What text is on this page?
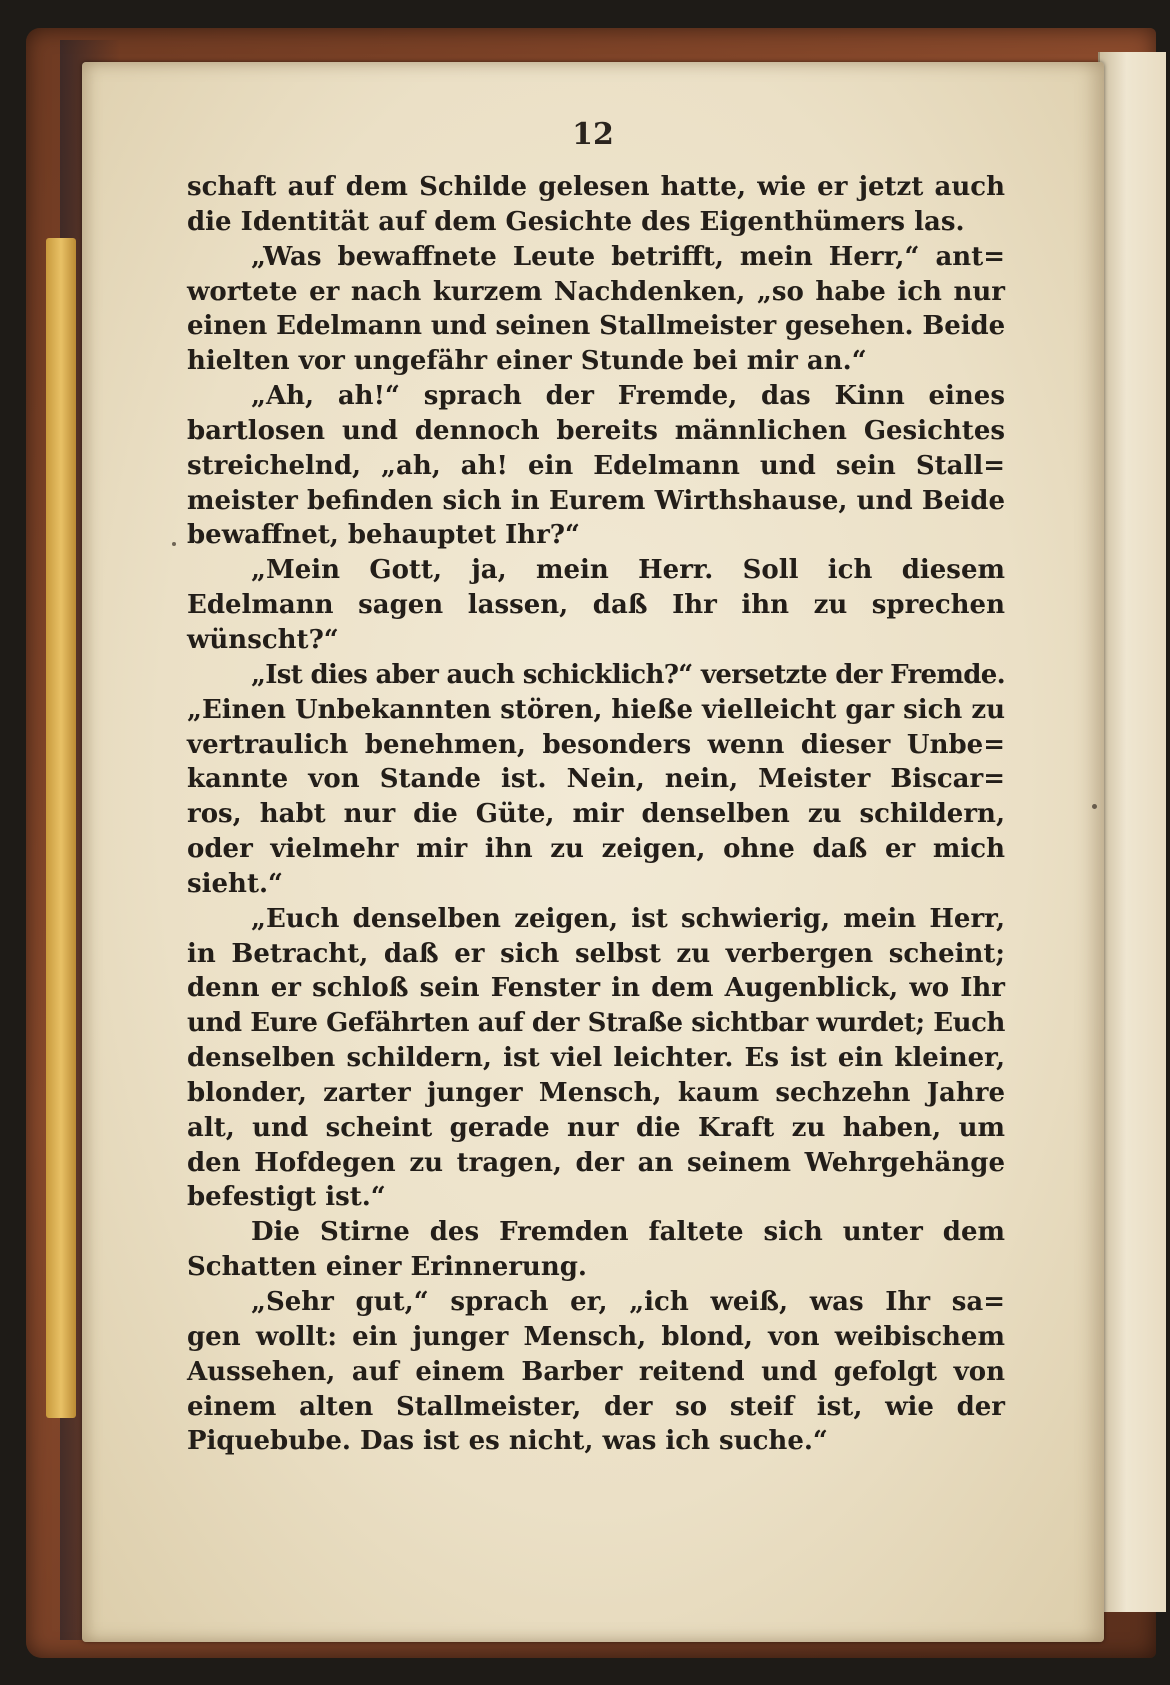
12
schaft auf dem Schilde gelesen hatte, wie er jetzt auch
die Identität auf dem Gesichte des Eigenthümers las.
„Was bewaffnete Leute betrifft, mein Herr,“ ant=
wortete er nach kurzem Nachdenken, „so habe ich nur
einen Edelmann und seinen Stallmeister gesehen. Beide
hielten vor ungefähr einer Stunde bei mir an.“
„Ah, ah!“ sprach der Fremde, das Kinn eines
bartlosen und dennoch bereits männlichen Gesichtes
streichelnd, „ah, ah! ein Edelmann und sein Stall=
meister befinden sich in Eurem Wirthshause, und Beide
bewaffnet, behauptet Ihr?“
„Mein Gott, ja, mein Herr. Soll ich diesem
Edelmann sagen lassen, daß Ihr ihn zu sprechen
wünscht?“
„Ist dies aber auch schicklich?“ versetzte der Fremde.
„Einen Unbekannten stören, hieße vielleicht gar sich zu
vertraulich benehmen, besonders wenn dieser Unbe=
kannte von Stande ist. Nein, nein, Meister Biscar=
ros, habt nur die Güte, mir denselben zu schildern,
oder vielmehr mir ihn zu zeigen, ohne daß er mich
sieht.“
„Euch denselben zeigen, ist schwierig, mein Herr,
in Betracht, daß er sich selbst zu verbergen scheint;
denn er schloß sein Fenster in dem Augenblick, wo Ihr
und Eure Gefährten auf der Straße sichtbar wurdet; Euch
denselben schildern, ist viel leichter. Es ist ein kleiner,
blonder, zarter junger Mensch, kaum sechzehn Jahre
alt, und scheint gerade nur die Kraft zu haben, um
den Hofdegen zu tragen, der an seinem Wehrgehänge
befestigt ist.“
Die Stirne des Fremden faltete sich unter dem
Schatten einer Erinnerung.
„Sehr gut,“ sprach er, „ich weiß, was Ihr sa=
gen wollt: ein junger Mensch, blond, von weibischem
Aussehen, auf einem Barber reitend und gefolgt von
einem alten Stallmeister, der so steif ist, wie der
Piquebube. Das ist es nicht, was ich suche.“
